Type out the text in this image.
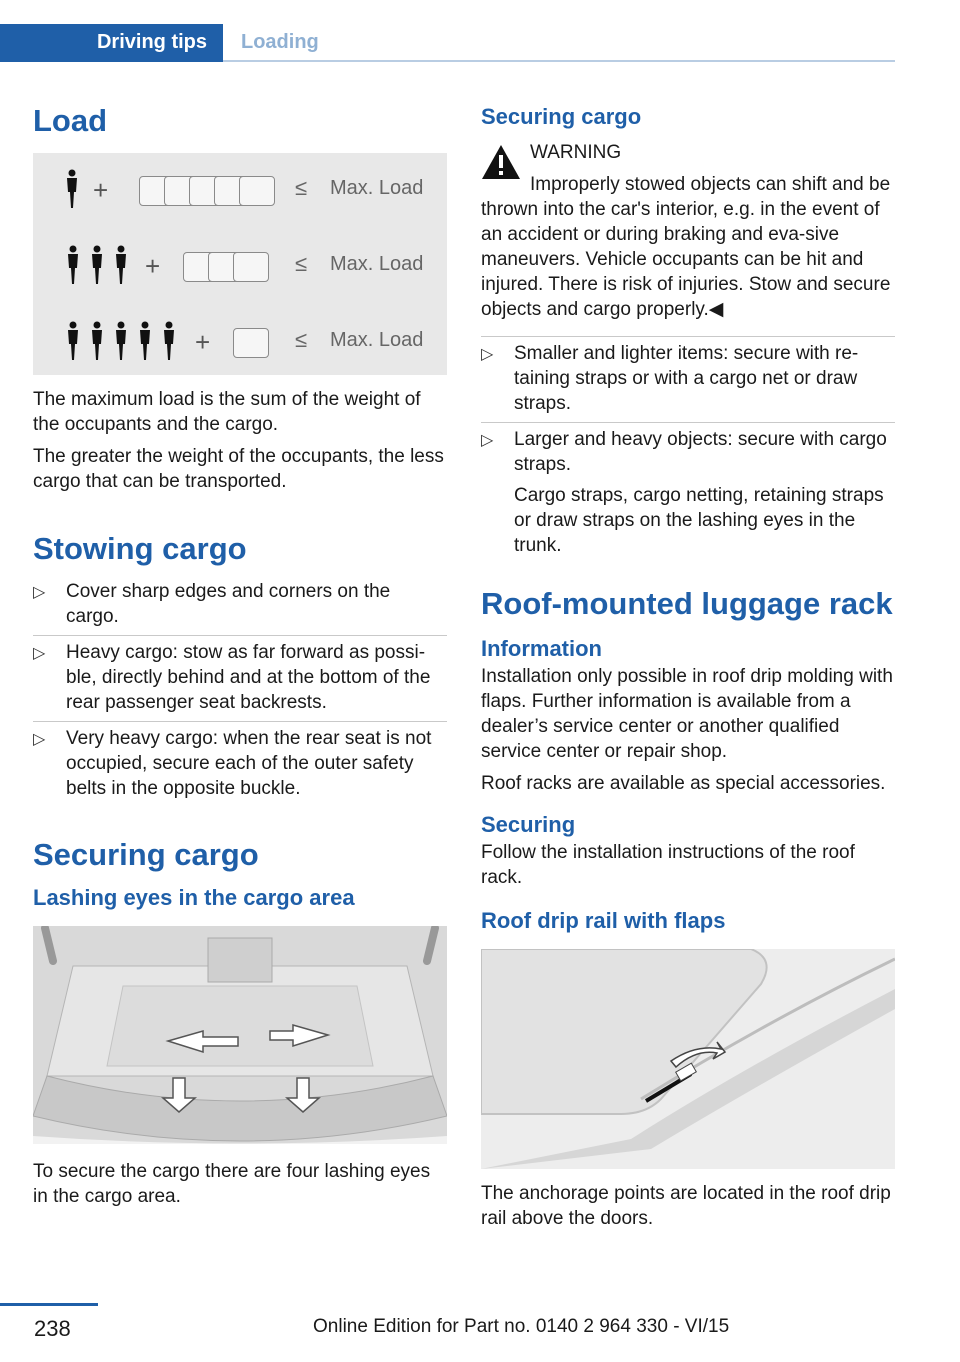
Driving tips Loading
Load
+	≤ Max. Load
+	≤ Max. Load
+	≤ Max. Load

The maximum load is the sum of the weight of the occupants and the cargo.

The greater the weight of the occupants, the less cargo that can be transported.

Stowing cargo
▷ Cover sharp edges and corners on the cargo.
▷ Heavy cargo: stow as far forward as possi‐ble, directly behind and at the bottom of the rear passenger seat backrests.
▷ Very heavy cargo: when the rear seat is not occupied, secure each of the outer safety belts in the opposite buckle.
Securing cargo
Lashing eyes in the cargo area

To secure the cargo there are four lashing eyes in the cargo area.

Securing cargo

WARNING

Improperly stowed objects can shift and be thrown into the car's interior, e.g. in the event of an accident or during braking and eva‐sive maneuvers. Vehicle occupants can be hit and injured. There is risk of injuries. Stow and secure objects and cargo properly.◀

▷ Smaller and lighter items: secure with re‐taining straps or with a cargo net or draw straps.
▷ Larger and heavy objects: secure with cargo straps.
Cargo straps, cargo netting, retaining straps or draw straps on the lashing eyes in the trunk.
Roof-mounted luggage rack
Information

Installation only possible in roof drip molding with flaps. Further information is available from a dealer’s service center or another qualified service center or repair shop.

Roof racks are available as special accessories.

Securing

Follow the installation instructions of the roof rack.

Roof drip rail with flaps

The anchorage points are located in the roof drip rail above the doors.

238	Online Edition for Part no. 0140 2 964 330 - VI/15
